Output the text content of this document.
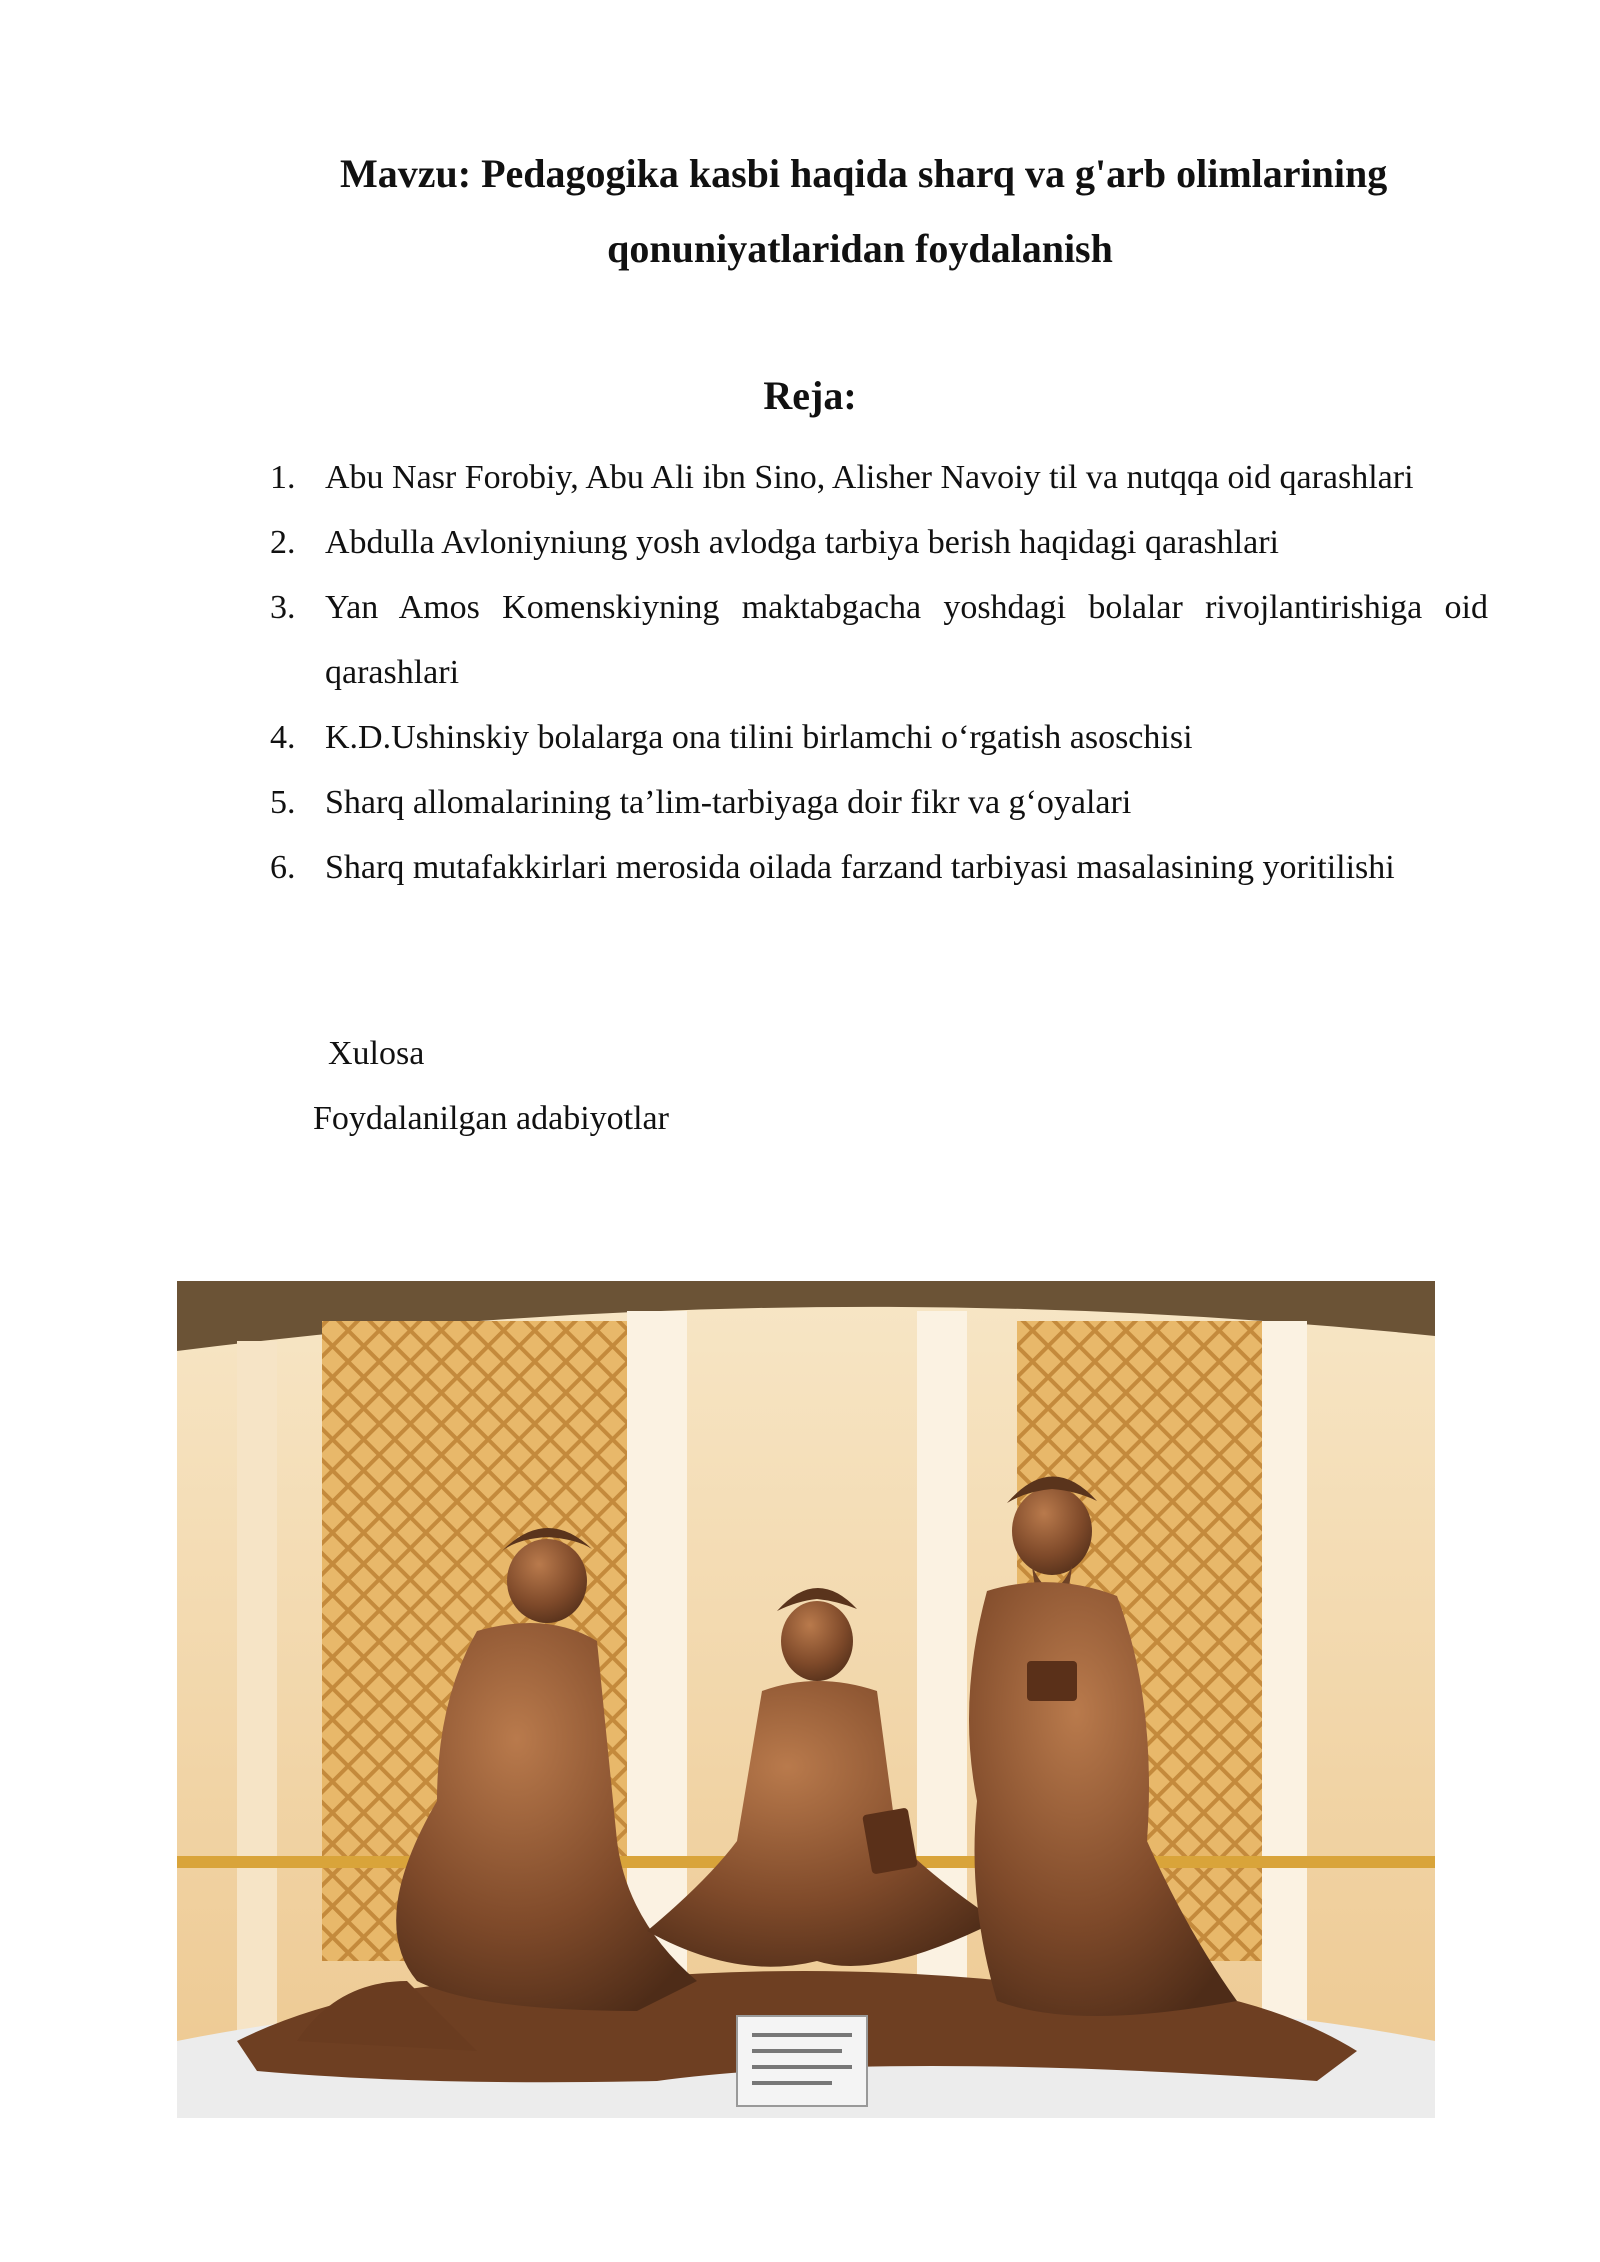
Mavzu: Pedagogika kasbi haqida sharq va g'arb olimlarining
qonuniyatlaridan foydalanish
Reja:
1. Abu Nasr Forobiy, Abu Ali ibn Sino, Alisher Navoiy til va nutqqa oid qarashlari
2. Abdulla Avloniyniung yosh avlodga tarbiya berish haqidagi qarashlari
3. Yan Amos Komenskiyning maktabgacha yoshdagi bolalar rivojlantirishiga oid qarashlari
4. K.D.Ushinskiy bolalarga ona tilini birlamchi o‘rgatish asoschisi
5. Sharq allomalarining ta’lim-tarbiyaga doir fikr va g‘oyalari
6. Sharq mutafakkirlari merosida oilada farzand tarbiyasi masalasining yoritilishi
Xulosa
Foydalanilgan adabiyotlar
